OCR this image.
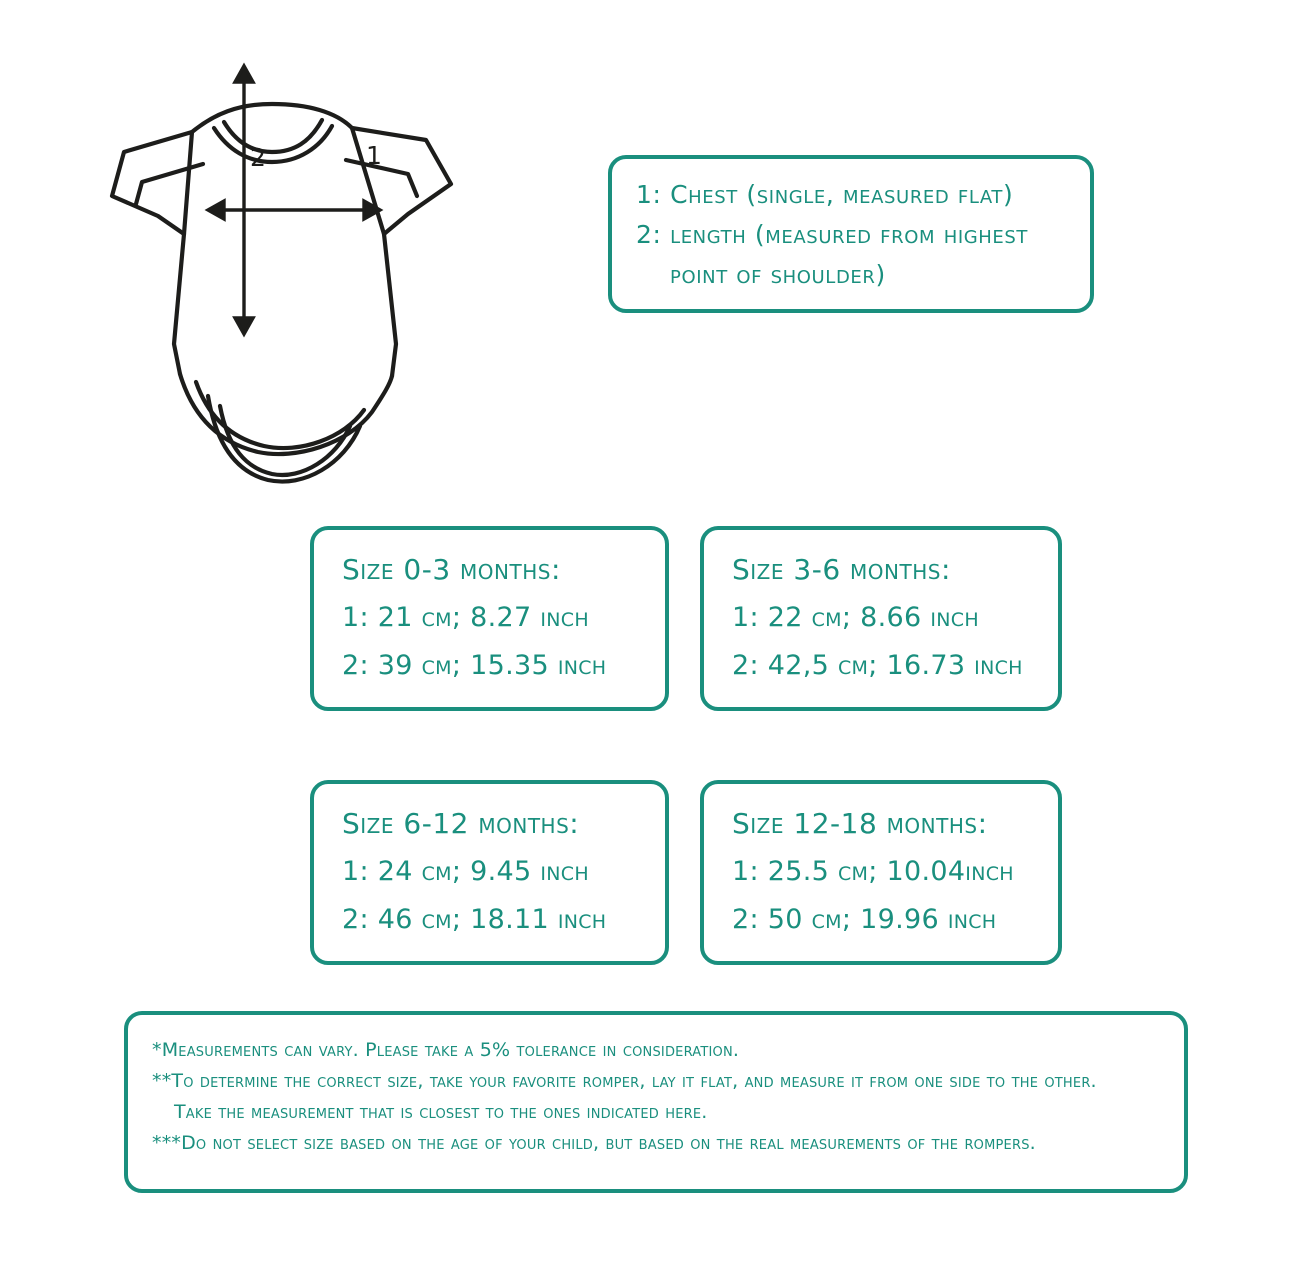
2	1
1: Chest (single, measured flat)
2: length (measured from highest
point of shoulder)
Size 0-3 months:
1: 21 cm; 8.27 inch
2: 39 cm; 15.35 inch
Size 3-6 months:
1: 22 cm; 8.66 inch
2: 42,5 cm; 16.73 inch
Size 6-12 months:
1: 24 cm; 9.45 inch
2: 46 cm; 18.11 inch
Size 12-18 months:
1: 25.5 cm; 10.04inch
2: 50 cm; 19.96 inch
*Measurements can vary. Please take a 5% tolerance in consideration.
**To determine the correct size, take your favorite romper, lay it flat, and measure it from one side to the other.
Take the measurement that is closest to the ones indicated here.
***Do not select size based on the age of your child, but based on the real measurements of the rompers.
